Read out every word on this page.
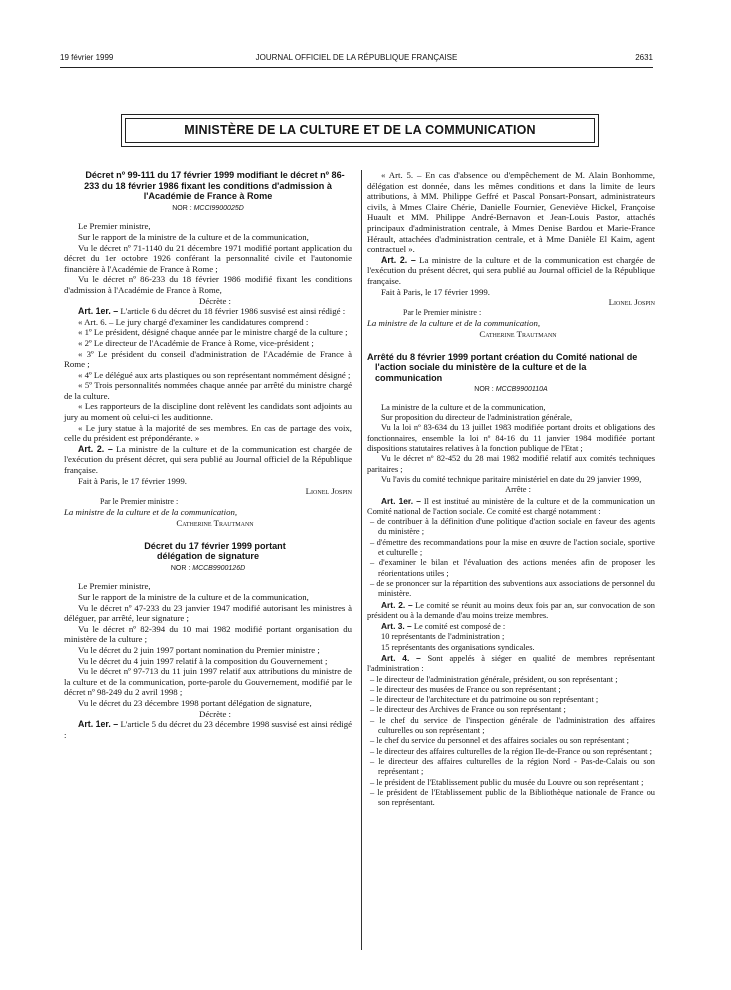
19 février 1999	JOURNAL OFFICIEL DE LA RÉPUBLIQUE FRANÇAISE	2631
MINISTÈRE DE LA CULTURE ET DE LA COMMUNICATION

Décret nº 99-111 du 17 février 1999 modifiant le décret nº 86-233 du 18 février 1986 fixant les conditions d'admission à l'Académie de France à Rome

NOR : MCCI9900025D

Le Premier ministre,

Sur le rapport de la ministre de la culture et de la communication,

Vu le décret nº 71-1140 du 21 décembre 1971 modifié portant application du décret du 1er octobre 1926 conférant la personnalité civile et l'autonomie financière à l'Académie de France à Rome ;

Vu le décret nº 86-233 du 18 février 1986 modifié fixant les conditions d'admission à l'Académie de France à Rome,

Décrète :

Art. 1er. – L'article 6 du décret du 18 février 1986 susvisé est ainsi rédigé :

« Art. 6. – Le jury chargé d'examiner les candidatures comprend :

« 1º Le président, désigné chaque année par le ministre chargé de la culture ;

« 2º Le directeur de l'Académie de France à Rome, vice-président ;

« 3º Le président du conseil d'administration de l'Académie de France à Rome ;

« 4º Le délégué aux arts plastiques ou son représentant nommément désigné ;

« 5º Trois personnalités nommées chaque année par arrêté du ministre chargé de la culture.

« Les rapporteurs de la discipline dont relèvent les candidats sont adjoints au jury au moment où celui-ci les auditionne.

« Le jury statue à la majorité de ses membres. En cas de partage des voix, celle du président est prépondérante. »

Art. 2. – La ministre de la culture et de la communication est chargée de l'exécution du présent décret, qui sera publié au Journal officiel de la République française.

Fait à Paris, le 17 février 1999.

Lionel Jospin

Par le Premier ministre :

La ministre de la culture et de la communication,

Catherine Trautmann

Décret du 17 février 1999 portant délégation de signature

NOR : MCCB9900126D

Le Premier ministre,

Sur le rapport de la ministre de la culture et de la communication,

Vu le décret nº 47-233 du 23 janvier 1947 modifié autorisant les ministres à déléguer, par arrêté, leur signature ;

Vu le décret nº 82-394 du 10 mai 1982 modifié portant organisation du ministère de la culture ;

Vu le décret du 2 juin 1997 portant nomination du Premier ministre ;

Vu le décret du 4 juin 1997 relatif à la composition du Gouvernement ;

Vu le décret nº 97-713 du 11 juin 1997 relatif aux attributions du ministre de la culture et de la communication, porte-parole du Gouvernement, modifié par le décret nº 98-249 du 2 avril 1998 ;

Vu le décret du 23 décembre 1998 portant délégation de signature,

Décrète :

Art. 1er. – L'article 5 du décret du 23 décembre 1998 susvisé est ainsi rédigé :

« Art. 5. – En cas d'absence ou d'empêchement de M. Alain Bonhomme, délégation est donnée, dans les mêmes conditions et dans la limite de leurs attributions, à MM. Philippe Geffré et Pascal Ponsart-Ponsart, administrateurs civils, à Mmes Claire Chérie, Danielle Fournier, Geneviève Hickel, Françoise Huault et MM. Philippe André-Bernavon et Jean-Louis Pastor, attachés principaux d'administration centrale, à Mmes Denise Bardou et Marie-France Hérault, attachées d'administration centrale, et à Mme Danièle El Kaim, agent contractuel ».

Art. 2. – La ministre de la culture et de la communication est chargée de l'exécution du présent décret, qui sera publié au Journal officiel de la République française.

Fait à Paris, le 17 février 1999.

Lionel Jospin

Par le Premier ministre :

La ministre de la culture et de la communication,

Catherine Trautmann

Arrêté du 8 février 1999 portant création du Comité national de l'action sociale du ministère de la culture et de la communication

NOR : MCCB9900110A

La ministre de la culture et de la communication,

Sur proposition du directeur de l'administration générale,

Vu la loi nº 83-634 du 13 juillet 1983 modifiée portant droits et obligations des fonctionnaires, ensemble la loi nº 84-16 du 11 janvier 1984 modifiée portant dispositions statutaires relatives à la fonction publique de l'Etat ;

Vu le décret nº 82-452 du 28 mai 1982 modifié relatif aux comités techniques paritaires ;

Vu l'avis du comité technique paritaire ministériel en date du 29 janvier 1999,

Arrête :

Art. 1er. – Il est institué au ministère de la culture et de la communication un Comité national de l'action sociale. Ce comité est chargé notamment :

– de contribuer à la définition d'une politique d'action sociale en faveur des agents du ministère ;

– d'émettre des recommandations pour la mise en œuvre de l'action sociale, sportive et culturelle ;

– d'examiner le bilan et l'évaluation des actions menées afin de proposer les réorientations utiles ;

– de se prononcer sur la répartition des subventions aux associations de personnel du ministère.

Art. 2. – Le comité se réunit au moins deux fois par an, sur convocation de son président ou à la demande d'au moins treize membres.

Art. 3. – Le comité est composé de :

10 représentants de l'administration ;

15 représentants des organisations syndicales.

Art. 4. – Sont appelés à siéger en qualité de membres représentant l'administration :

– le directeur de l'administration générale, président, ou son représentant ;

– le directeur des musées de France ou son représentant ;

– le directeur de l'architecture et du patrimoine ou son représentant ;

– le directeur des Archives de France ou son représentant ;

– le chef du service de l'inspection générale de l'administration des affaires culturelles ou son représentant ;

– le chef du service du personnel et des affaires sociales ou son représentant ;

– le directeur des affaires culturelles de la région Ile-de-France ou son représentant ;

– le directeur des affaires culturelles de la région Nord - Pas-de-Calais ou son représentant ;

– le président de l'Etablissement public du musée du Louvre ou son représentant ;

– le président de l'Etablissement public de la Bibliothèque nationale de France ou son représentant.
